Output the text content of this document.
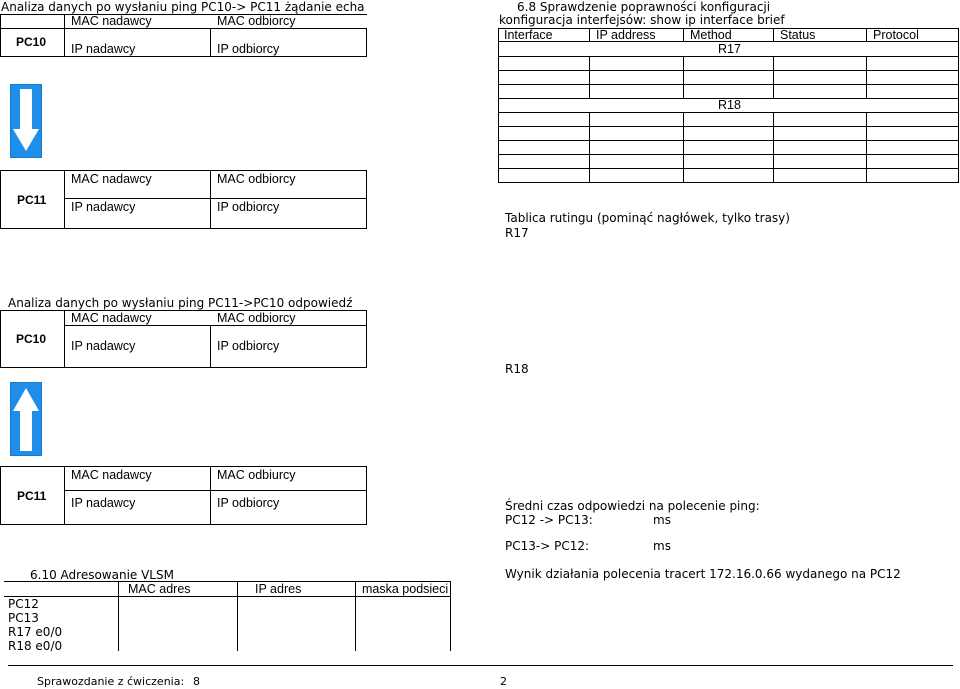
Analiza danych po wysłaniu ping PC10-> PC11 żądanie echa
PC10
MAC nadawcy	MAC odbiorcy
IP nadawcy	IP odbiorcy
PC11
MAC nadawcy	MAC odbiorcy
IP nadawcy	IP odbiorcy
6.8 Sprawdzenie poprawności konfiguracji
konfiguracja interfejsów: show ip interface brief
Interface	IP address	Method	Status	Protocol
R17
R18
Tablica rutingu (pominąć nagłówek, tylko trasy)
R17
Analiza danych po wysłaniu ping PC11->PC10 odpowiedź
PC10
MAC nadawcy	MAC odbiorcy
IP nadawcy	IP odbiorcy
PC11
MAC nadawcy	MAC odbiurcy
IP nadawcy	IP odbiorcy
R18
Średni czas odpowiedzi na polecenie ping:
PC12 -> PC13:	ms
PC13-> PC12:	ms
Wynik działania polecenia tracert 172.16.0.66 wydanego na PC12
6.10 Adresowanie VLSM
MAC adres	IP adres	maska podsieci
PC12
PC13
R17 e0/0
R18 e0/0
Sprawozdanie z ćwiczenia: 8	2
